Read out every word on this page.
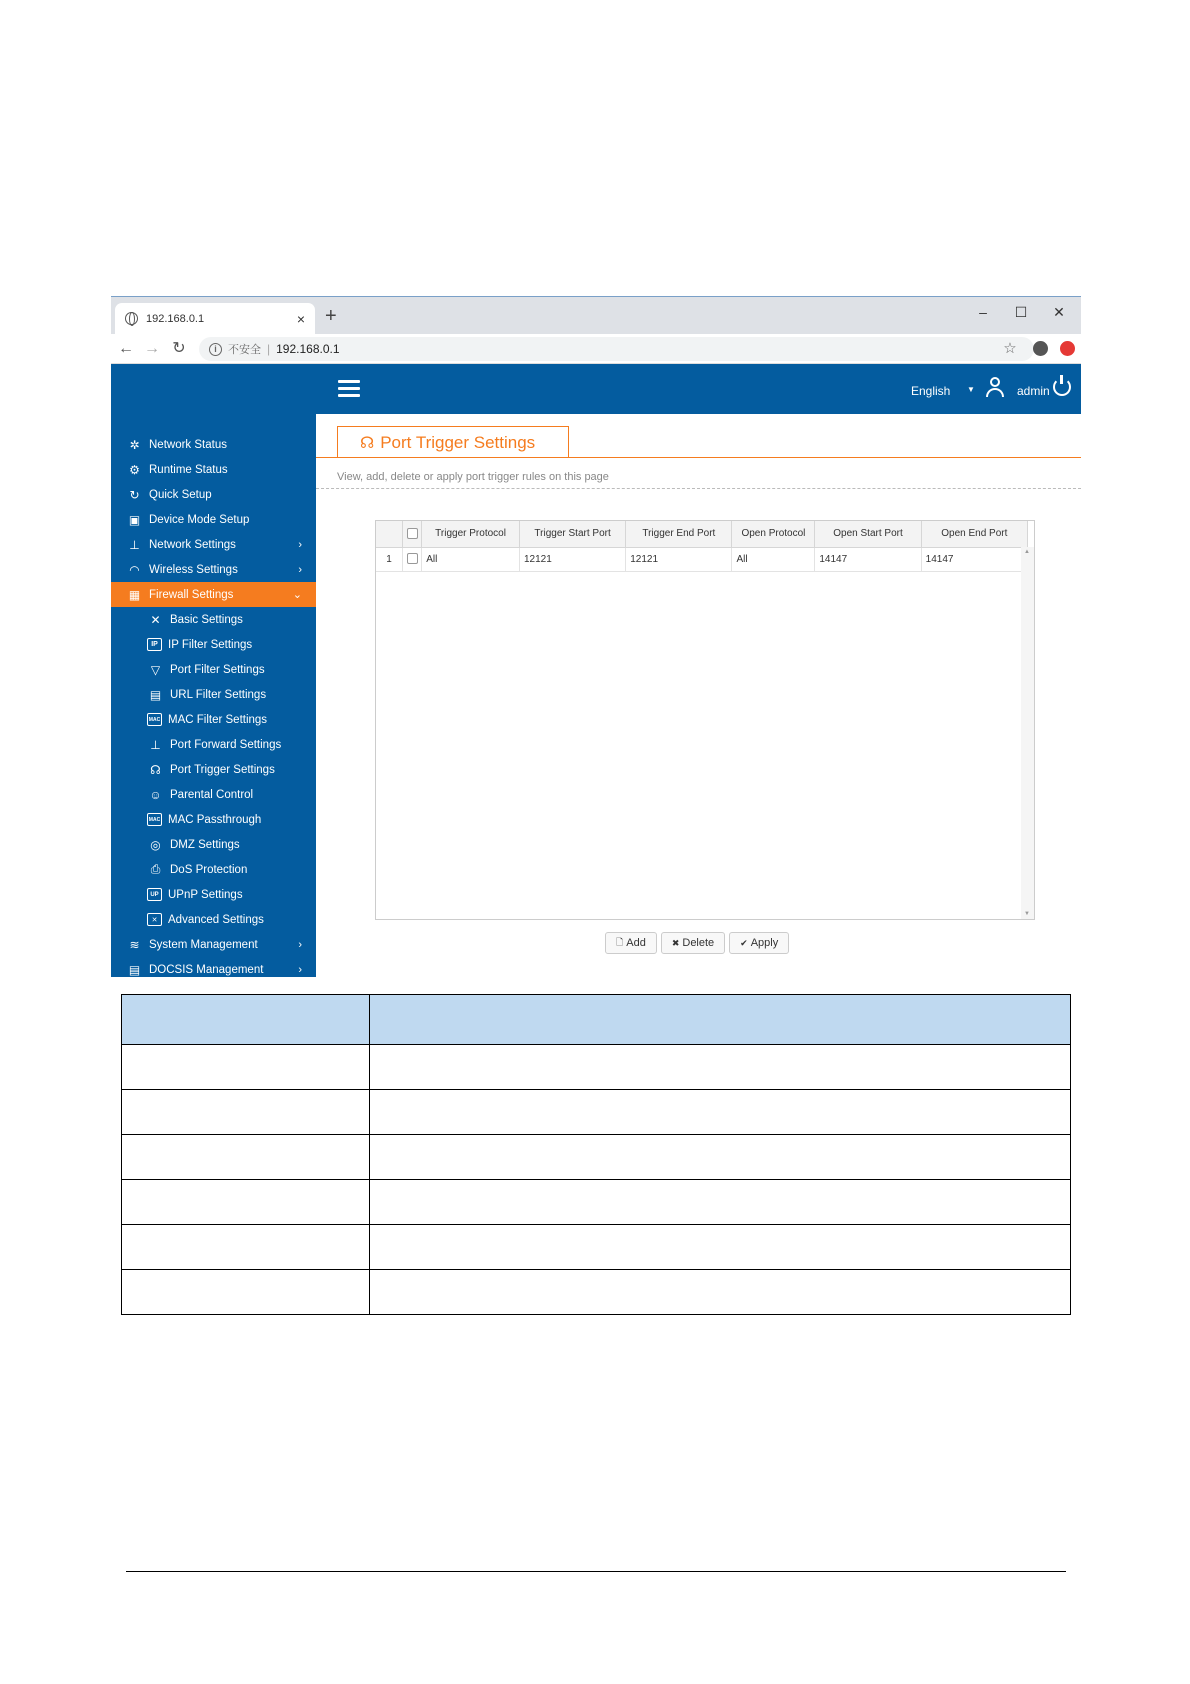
192.168.0.1	× +	–	☐	✕
← → ↻	i	不安全 | 192.168.0.1	☆
English ▼	admin
✲ Network Status
⚙ Runtime Status
↻ Quick Setup
▣ Device Mode Setup
⊥ Network Settings	›
◠ Wireless Settings	›
▦ Firewall Settings	⌄
✕ Basic Settings
IP IP Filter Settings
▽ Port Filter Settings
▤ URL Filter Settings
MAC MAC Filter Settings
⊥ Port Forward Settings
☊ Port Trigger Settings
☺ Parental Control
MAC MAC Passthrough
◎ DMZ Settings
⎙ DoS Protection
UP UPnP Settings
✕ Advanced Settings
≋ System Management	›
▤ DOCSIS Management	›
☊ Port Trigger Settings
View, add, delete or apply port trigger rules on this page
		Trigger Protocol	Trigger Start Port	Trigger End Port	Open Protocol	Open Start Port	Open End Port
1		All	12121	12121	All	14147	14147
▲
▼
🗋 Add	✖ Delete	✔ Apply
